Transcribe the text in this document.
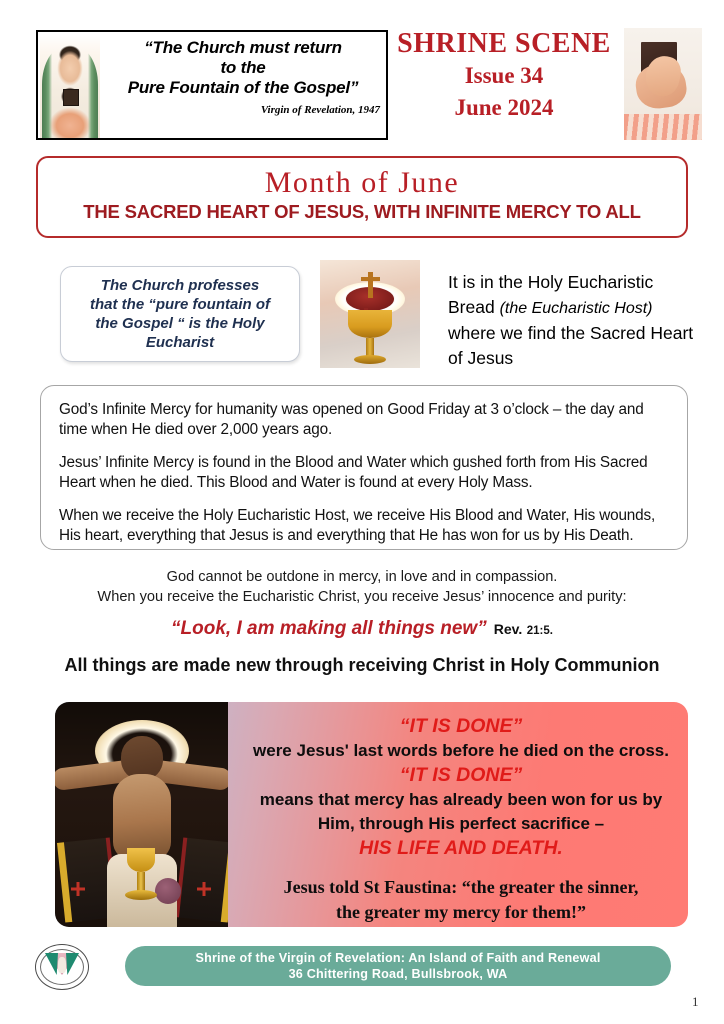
“The Church must return
to the
Pure Fountain of the Gospel”
Virgin of Revelation, 1947
SHRINE SCENE
Issue 34
June 2024
Month of June
THE SACRED HEART OF JESUS, WITH INFINITE MERCY TO ALL
The Church professes
that the “pure fountain of
the Gospel “ is the Holy
Eucharist
It is in the Holy Eucharistic Bread (the Eucharistic Host) where we find the Sacred Heart of Jesus

God’s Infinite Mercy for humanity was opened on Good Friday at 3 o’clock – the day and time when He died over 2,000 years ago.

Jesus’ Infinite Mercy is found in the Blood and Water which gushed forth from His Sacred Heart when he died. This Blood and Water is found at every Holy Mass.

When we receive the Holy Eucharistic Host, we receive His Blood and Water, His wounds, His heart, everything that Jesus is and everything that He has won for us by His Death.

God cannot be outdone in mercy, in love and in compassion.
When you receive the Eucharistic Christ, you receive Jesus’ innocence and purity:
“Look, I am making all things new” Rev. 21:5.
All things are made new through receiving Christ in Holy Communion
“IT IS DONE”
were Jesus' last words before he died on the cross.
“IT IS DONE”
means that mercy has already been won for us by
Him, through His perfect sacrifice –
HIS LIFE AND DEATH.
Jesus told St Faustina: “the greater the sinner,
the greater my mercy for them!”
Shrine of the Virgin of Revelation: An Island of Faith and Renewal
36 Chittering Road, Bullsbrook, WA
1
